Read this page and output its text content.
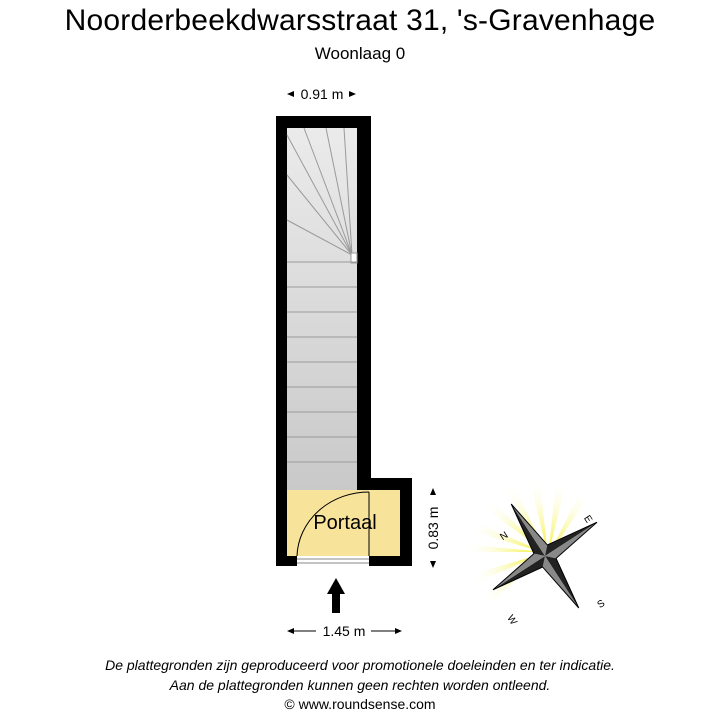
Noorderbeekdwarsstraat 31, 's-Gravenhage
Woonlaag 0
0.91 m
Portaal	0.83 m
1.45 m
N
E
S
W
De plattegronden zijn geproduceerd voor promotionele doeleinden en ter indicatie.
Aan de plattegronden kunnen geen rechten worden ontleend.
© www.roundsense.com
